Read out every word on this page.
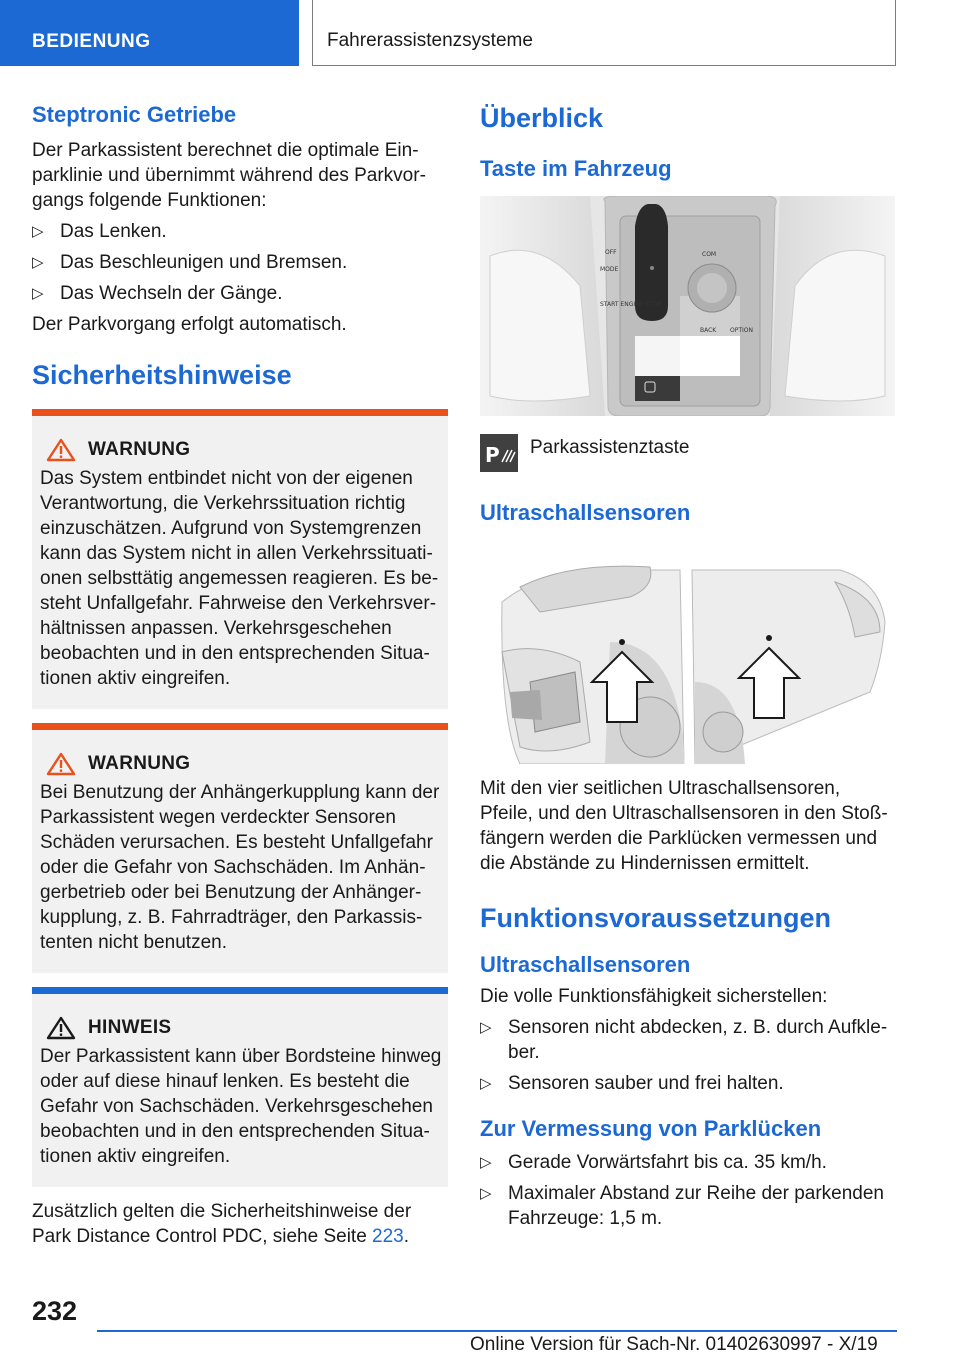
BEDIENUNG	Fahrerassistenzsysteme
Steptronic Getriebe

Der Parkassistent berechnet die optimale Ein-parklinie und übernimmt während des Parkvor-gangs folgende Funktionen:

▷ Das Lenken.
▷ Das Beschleunigen und Bremsen.
▷ Das Wechseln der Gänge.

Der Parkvorgang erfolgt automatisch.

Sicherheitshinweise
WARNUNG

Das System entbindet nicht von der eigenen Verantwortung, die Verkehrssituation richtig einzuschätzen. Aufgrund von Systemgrenzen kann das System nicht in allen Verkehrssituati-onen selbsttätig angemessen reagieren. Es be-steht Unfallgefahr. Fahrweise den Verkehrsver-hältnissen anpassen. Verkehrsgeschehen beobachten und in den entsprechenden Situa-tionen aktiv eingreifen.

WARNUNG

Bei Benutzung der Anhängerkupplung kann der Parkassistent wegen verdeckter Sensoren Schäden verursachen. Es besteht Unfallgefahr oder die Gefahr von Sachschäden. Im Anhän-gerbetrieb oder bei Benutzung der Anhänger-kupplung, z. B. Fahrradträger, den Parkassis-tenten nicht benutzen.

HINWEIS

Der Parkassistent kann über Bordsteine hinweg oder auf diese hinauf lenken. Es besteht die Gefahr von Sachschäden. Verkehrsgeschehen beobachten und in den entsprechenden Situa-tionen aktiv eingreifen.

Zusätzlich gelten die Sicherheitshinweise der Park Distance Control PDC, siehe Seite 223.

Überblick
Taste im Fahrzeug
OFF
MODE
COM
START ENGINE STOP
BACK OPTION
P Parkassistenztaste

Ultraschallsensoren

Mit den vier seitlichen Ultraschallsensoren, Pfeile, und den Ultraschallsensoren in den Stoß-fängern werden die Parklücken vermessen und die Abstände zu Hindernissen ermittelt.

Funktionsvoraussetzungen
Ultraschallsensoren

Die volle Funktionsfähigkeit sicherstellen:

▷ Sensoren nicht abdecken, z. B. durch Aufkle-ber.
▷ Sensoren sauber und frei halten.
Zur Vermessung von Parklücken
▷ Gerade Vorwärtsfahrt bis ca. 35 km/h.
▷ Maximaler Abstand zur Reihe der parkenden Fahrzeuge: 1,5 m.
232
Online Version für Sach-Nr. 01402630997 - X/19
